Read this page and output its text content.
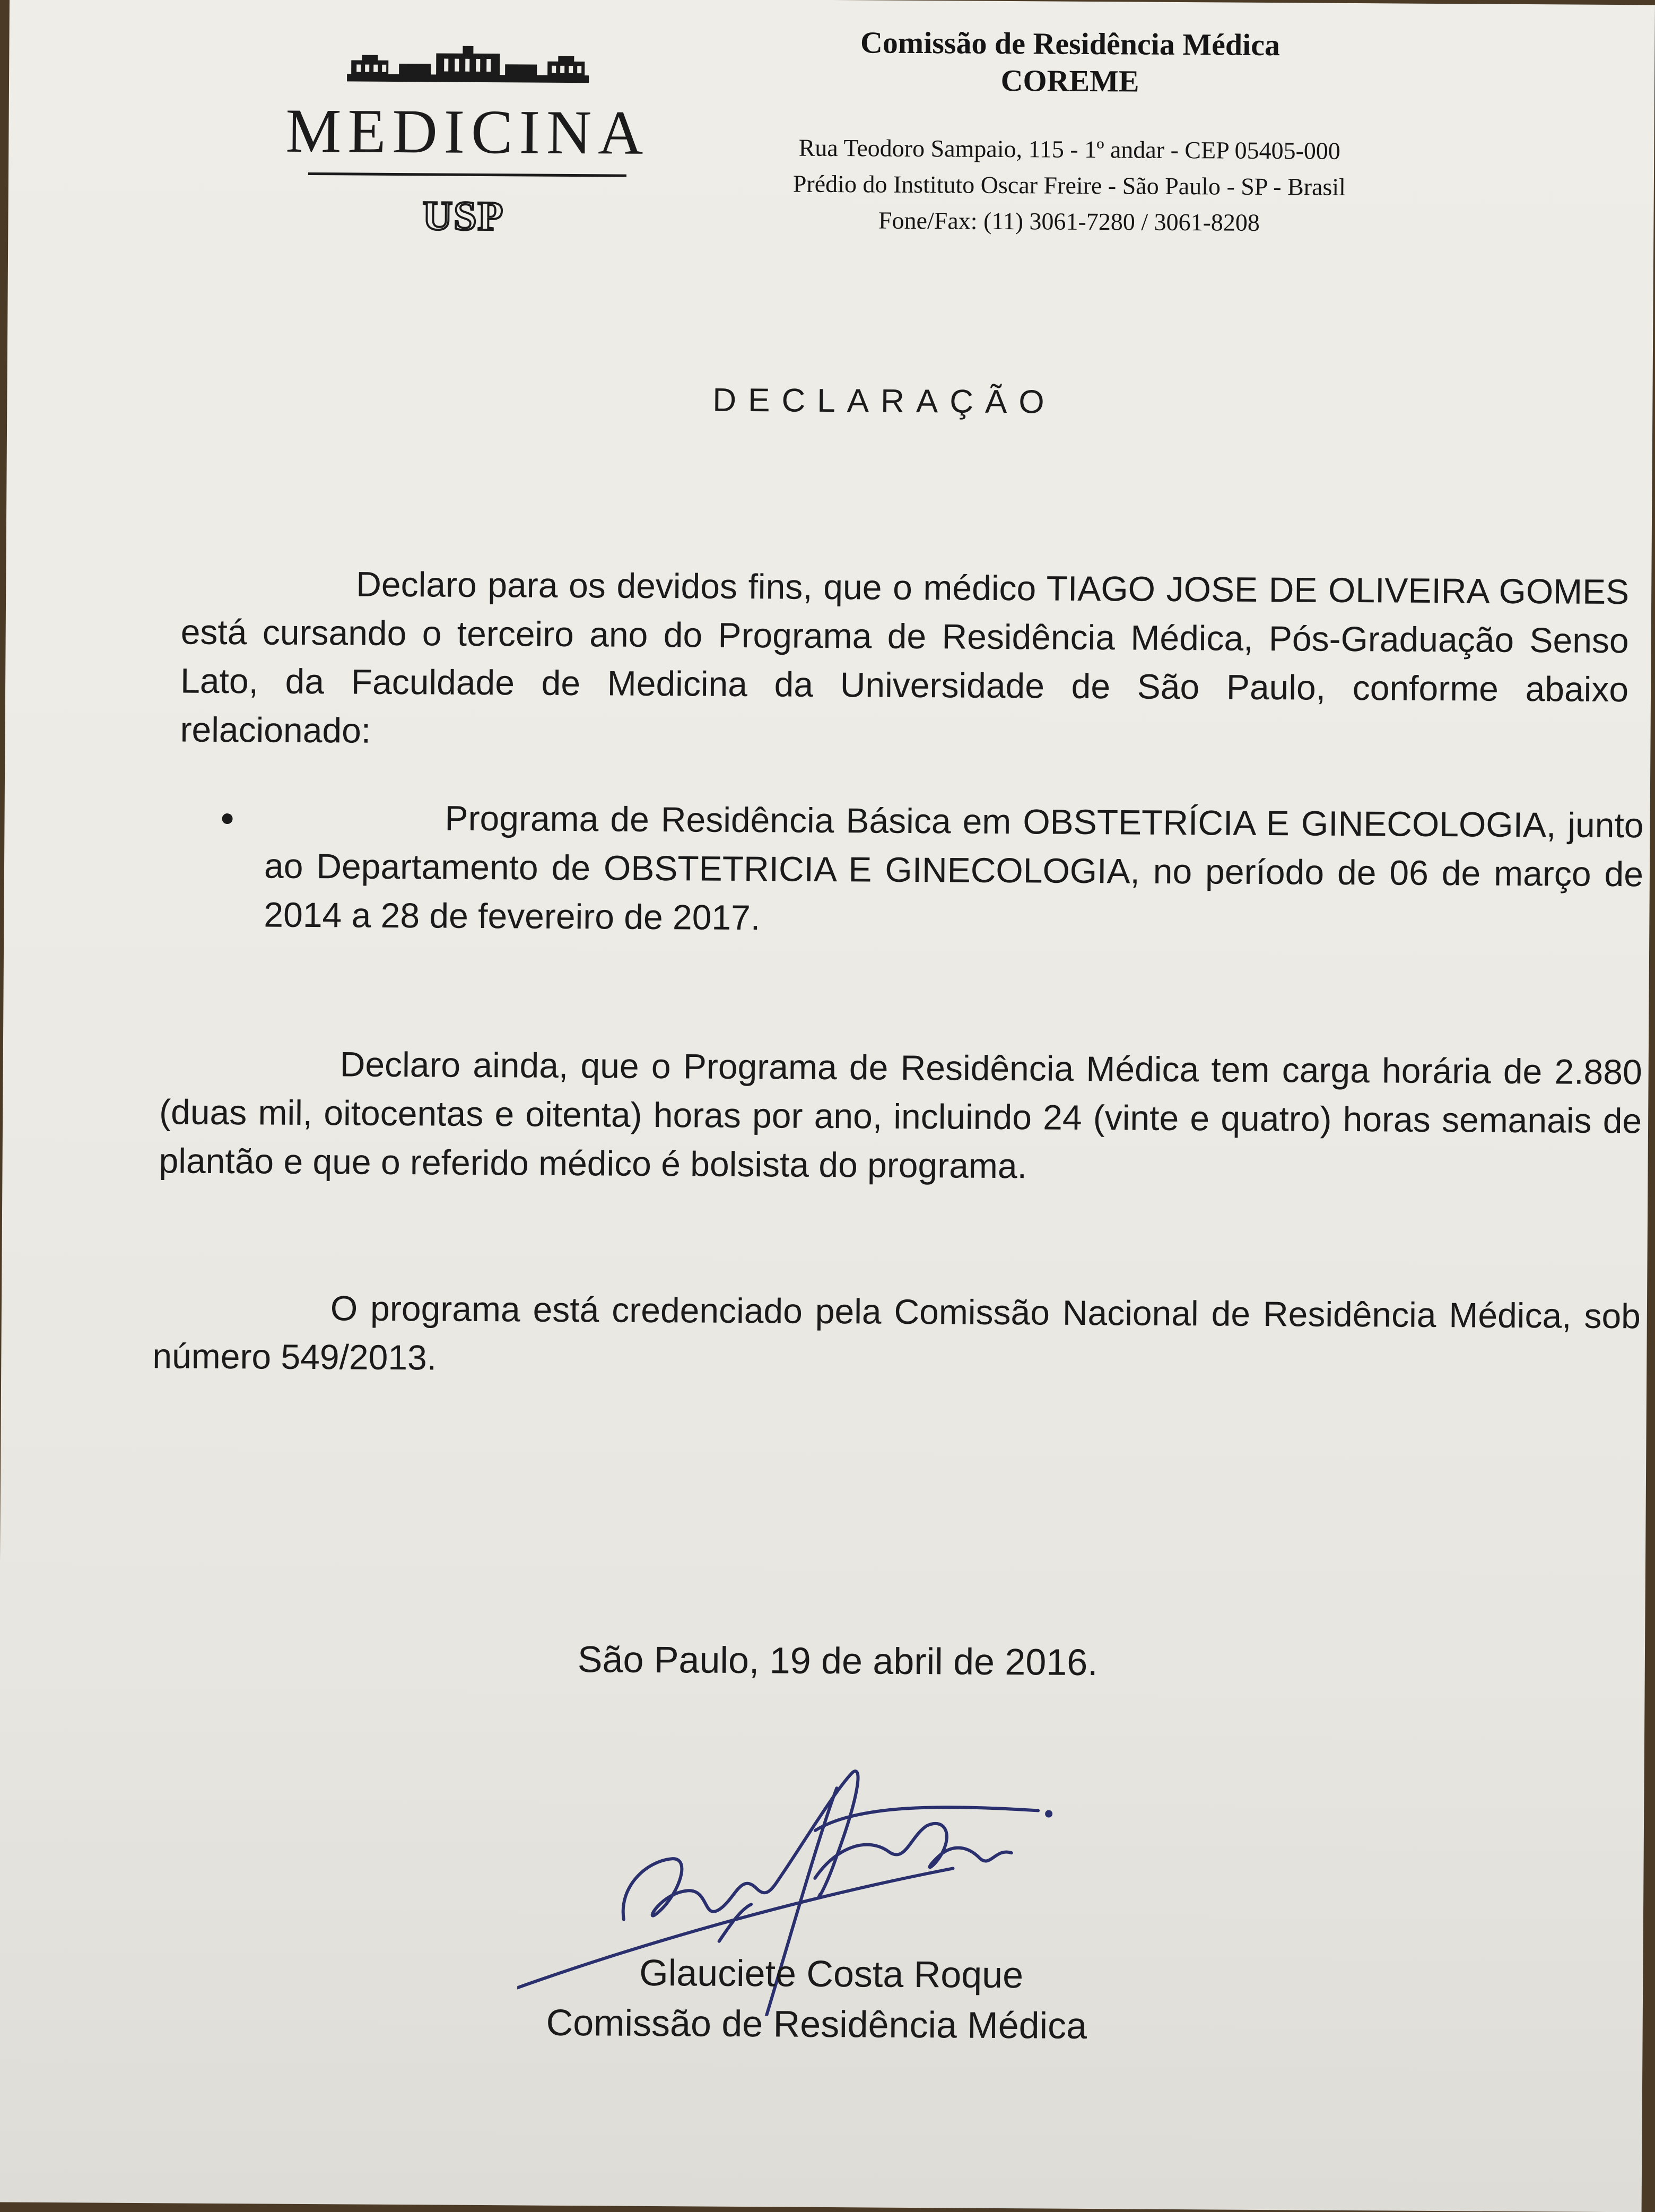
MEDICINA
USP
Comissão de Residência Médica
COREME
Rua Teodoro Sampaio, 115 - 1º andar - CEP 05405-000
Prédio do Instituto Oscar Freire - São Paulo - SP - Brasil
Fone/Fax: (11) 3061-7280 / 3061-8208
DECLARAÇÃO

Declaro para os devidos fins, que o médico TIAGO JOSE DE OLIVEIRA GOMES está cursando o terceiro ano do Programa de Residência Médica, Pós-Graduação Senso Lato, da Faculdade de Medicina da Universidade de São Paulo, conforme abaixo relacionado:

Programa de Residência Básica em OBSTETRÍCIA E GINECOLOGIA, junto ao Departamento de OBSTETRICIA E GINECOLOGIA, no período de 06 de março de 2014 a 28 de fevereiro de 2017.

Declaro ainda, que o Programa de Residência Médica tem carga horária de 2.880 (duas mil, oitocentas e oitenta) horas por ano, incluindo 24 (vinte e quatro) horas semanais de plantão e que o referido médico é bolsista do programa.

O programa está credenciado pela Comissão Nacional de Residência Médica, sob número 549/2013.

São Paulo, 19 de abril de 2016.
Glauciete Costa Roque
Comissão de Residência Médica
